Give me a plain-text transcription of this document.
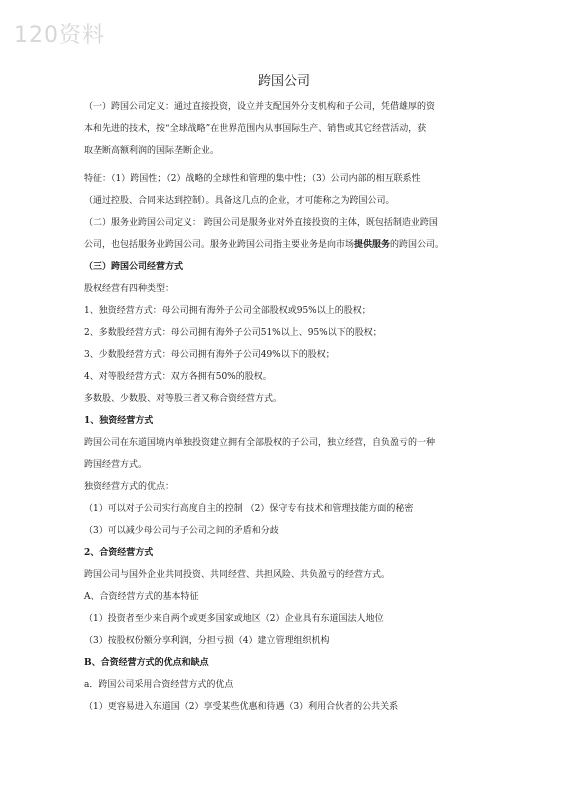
120资料
跨国公司
（一）跨国公司定义：通过直接投资，设立并支配国外分支机构和子公司，凭借雄厚的资
本和先进的技术，按“全球战略”在世界范围内从事国际生产、销售或其它经营活动，获
取垄断高额利润的国际垄断企业。
特征：（1）跨国性；（2）战略的全球性和管理的集中性；（3）公司内部的相互联系性
（通过控股、合同来达到控制）。具备这几点的企业，才可能称之为跨国公司。
（二）服务业跨国公司定义： 跨国公司是服务业对外直接投资的主体，既包括制造业跨国
公司，也包括服务业跨国公司。服务业跨国公司指主要业务是向市场提供服务的跨国公司。
（三）跨国公司经营方式
股权经营有四种类型：
1、独资经营方式：母公司拥有海外子公司全部股权或95%以上的股权；
2、多数股经营方式：母公司拥有海外子公司51%以上、95%以下的股权；
3、少数股经营方式：母公司拥有海外子公司49%以下的股权；
4、对等股经营方式：双方各拥有50%的股权。
多数股、少数股、对等股三者又称合资经营方式。
1、独资经营方式
跨国公司在东道国境内单独投资建立拥有全部股权的子公司，独立经营，自负盈亏的一种
跨国经营方式。
独资经营方式的优点：
（1）可以对子公司实行高度自主的控制 （2）保守专有技术和管理技能方面的秘密
（3）可以减少母公司与子公司之间的矛盾和分歧
2、合资经营方式
跨国公司与国外企业共同投资、共同经营、共担风险、共负盈亏的经营方式。
A、合资经营方式的基本特征
（1）投资者至少来自两个或更多国家或地区（2）企业具有东道国法人地位
（3）按股权份额分享利润，分担亏损（4）建立管理组织机构
B、合资经营方式的优点和缺点
a．跨国公司采用合资经营方式的优点
（1）更容易进入东道国（2）享受某些优惠和待遇（3）利用合伙者的公共关系
